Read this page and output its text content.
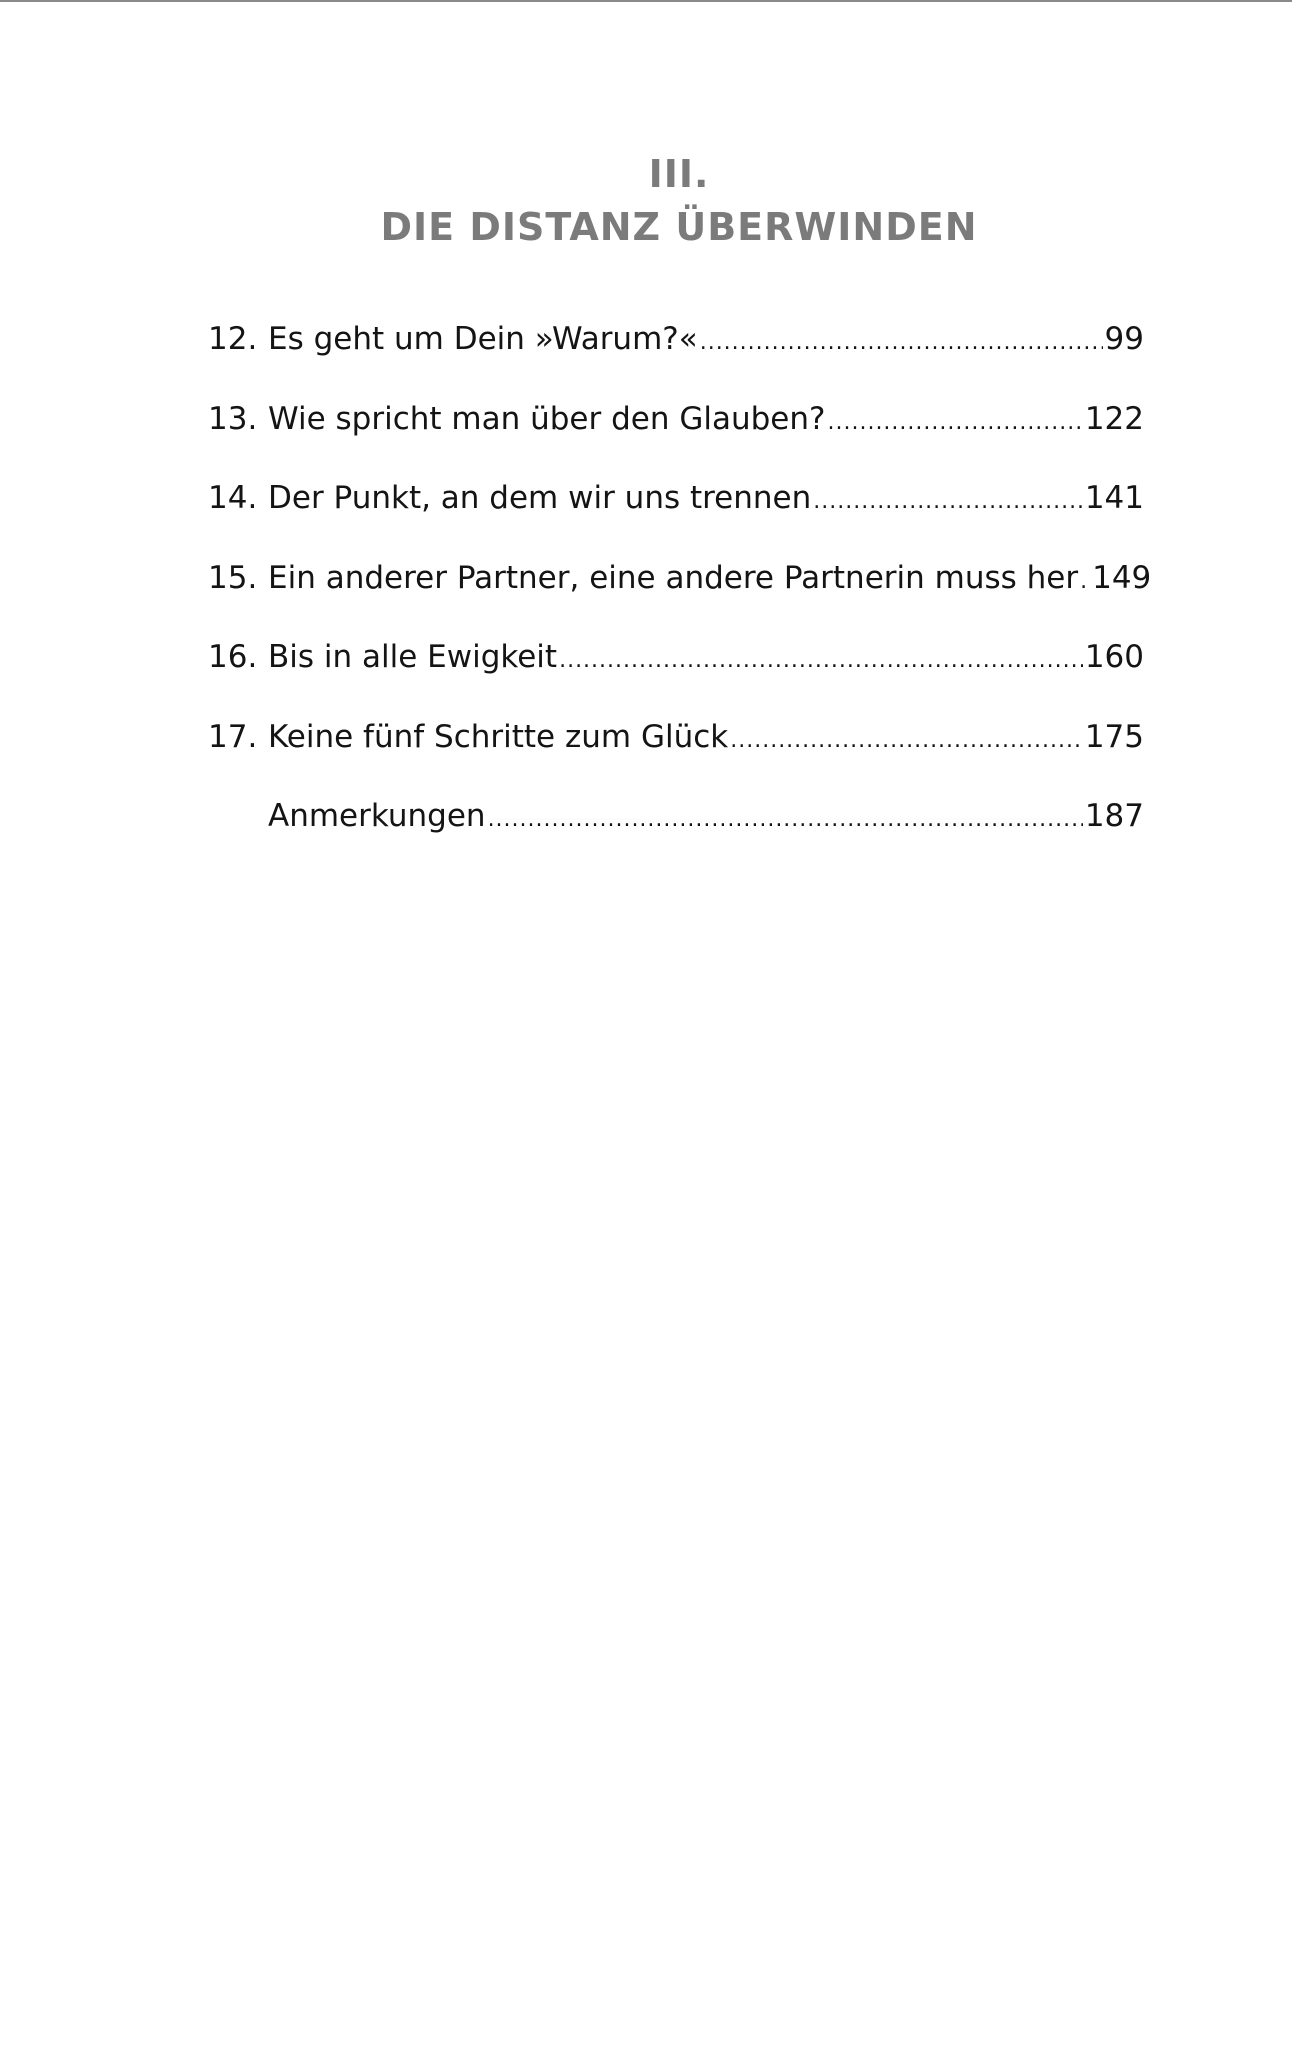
III.
DIE DISTANZ ÜBERWINDEN
12. Es geht um Dein »Warum?« .....	99
13. Wie spricht man über den Glauben? .....	122
14. Der Punkt, an dem wir uns trennen .....	141
15. Ein anderer Partner, eine andere Partnerin muss her ..... 149
16. Bis in alle Ewigkeit .....	160
17. Keine fünf Schritte zum Glück .....	175
Anmerkungen .....	187
